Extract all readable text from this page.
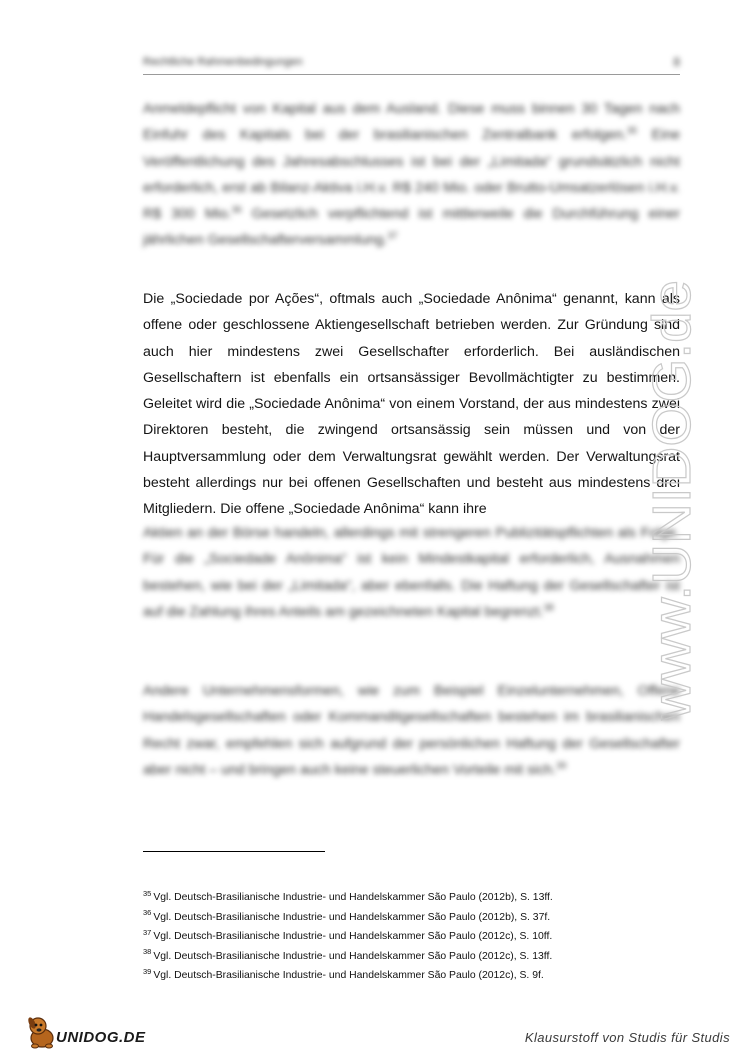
Rechtliche Rahmenbedingungen	8
Anmeldepflicht von Kapital aus dem Ausland. Diese muss binnen 30 Tagen nach Einfuhr des Kapitals bei der brasilianischen Zentralbank erfolgen.$^{35}$ Eine Veröffentlichung des Jahresabschlusses ist bei der „Limitada“ grundsätzlich nicht erforderlich, erst ab Bilanz-Aktiva i.H.v. R$ 240 Mio. oder Brutto-Umsatzerlösen i.H.v. R$ 300 Mio.$^{36}$ Gesetzlich verpflichtend ist mittlerweile die Durchführung einer jährlichen Gesellschafterversammlung.$^{37}$
Die „Sociedade por Ações“, oftmals auch „Sociedade Anônima“ genannt, kann als offene oder geschlossene Aktiengesellschaft betrieben werden. Zur Gründung sind auch hier mindestens zwei Gesellschafter erforderlich. Bei ausländischen Gesellschaftern ist ebenfalls ein ortsansässiger Bevollmächtigter zu bestimmen. Geleitet wird die „Sociedade Anônima“ von einem Vorstand, der aus mindestens zwei Direktoren besteht, die zwingend ortsansässig sein müssen und von der Hauptversammlung oder dem Verwaltungsrat gewählt werden. Der Verwaltungsrat besteht allerdings nur bei offenen Gesellschaften und besteht aus mindestens drei Mitgliedern. Die offene „Sociedade Anônima“ kann ihre
Aktien an der Börse handeln, allerdings mit strengeren Publizitätspflichten als Folge. Für die „Sociedade Anônima“ ist kein Mindestkapital erforderlich, Ausnahmen bestehen, wie bei der „Limitada“, aber ebenfalls. Die Haftung der Gesellschafter ist auf die Zahlung ihres Anteils am gezeichneten Kapital begrenzt.$^{38}$
Andere Unternehmensformen, wie zum Beispiel Einzelunternehmen, Offene Handelsgesellschaften oder Kommanditgesellschaften bestehen im brasilianischen Recht zwar, empfehlen sich aufgrund der persönlichen Haftung der Gesellschafter aber nicht – und bringen auch keine steuerlichen Vorteile mit sich.$^{39}$
$^{35}$ Vgl. Deutsch-Brasilianische Industrie- und Handelskammer São Paulo (2012b), S. 13ff.
$^{36}$ Vgl. Deutsch-Brasilianische Industrie- und Handelskammer São Paulo (2012b), S. 37f.
$^{37}$ Vgl. Deutsch-Brasilianische Industrie- und Handelskammer São Paulo (2012c), S. 10ff.
$^{38}$ Vgl. Deutsch-Brasilianische Industrie- und Handelskammer São Paulo (2012c), S. 13ff.
$^{39}$ Vgl. Deutsch-Brasilianische Industrie- und Handelskammer São Paulo (2012c), S. 9f.
www.UNIDOG.de
UNIDOG.DE	Klausurstoff von Studis für Studis
